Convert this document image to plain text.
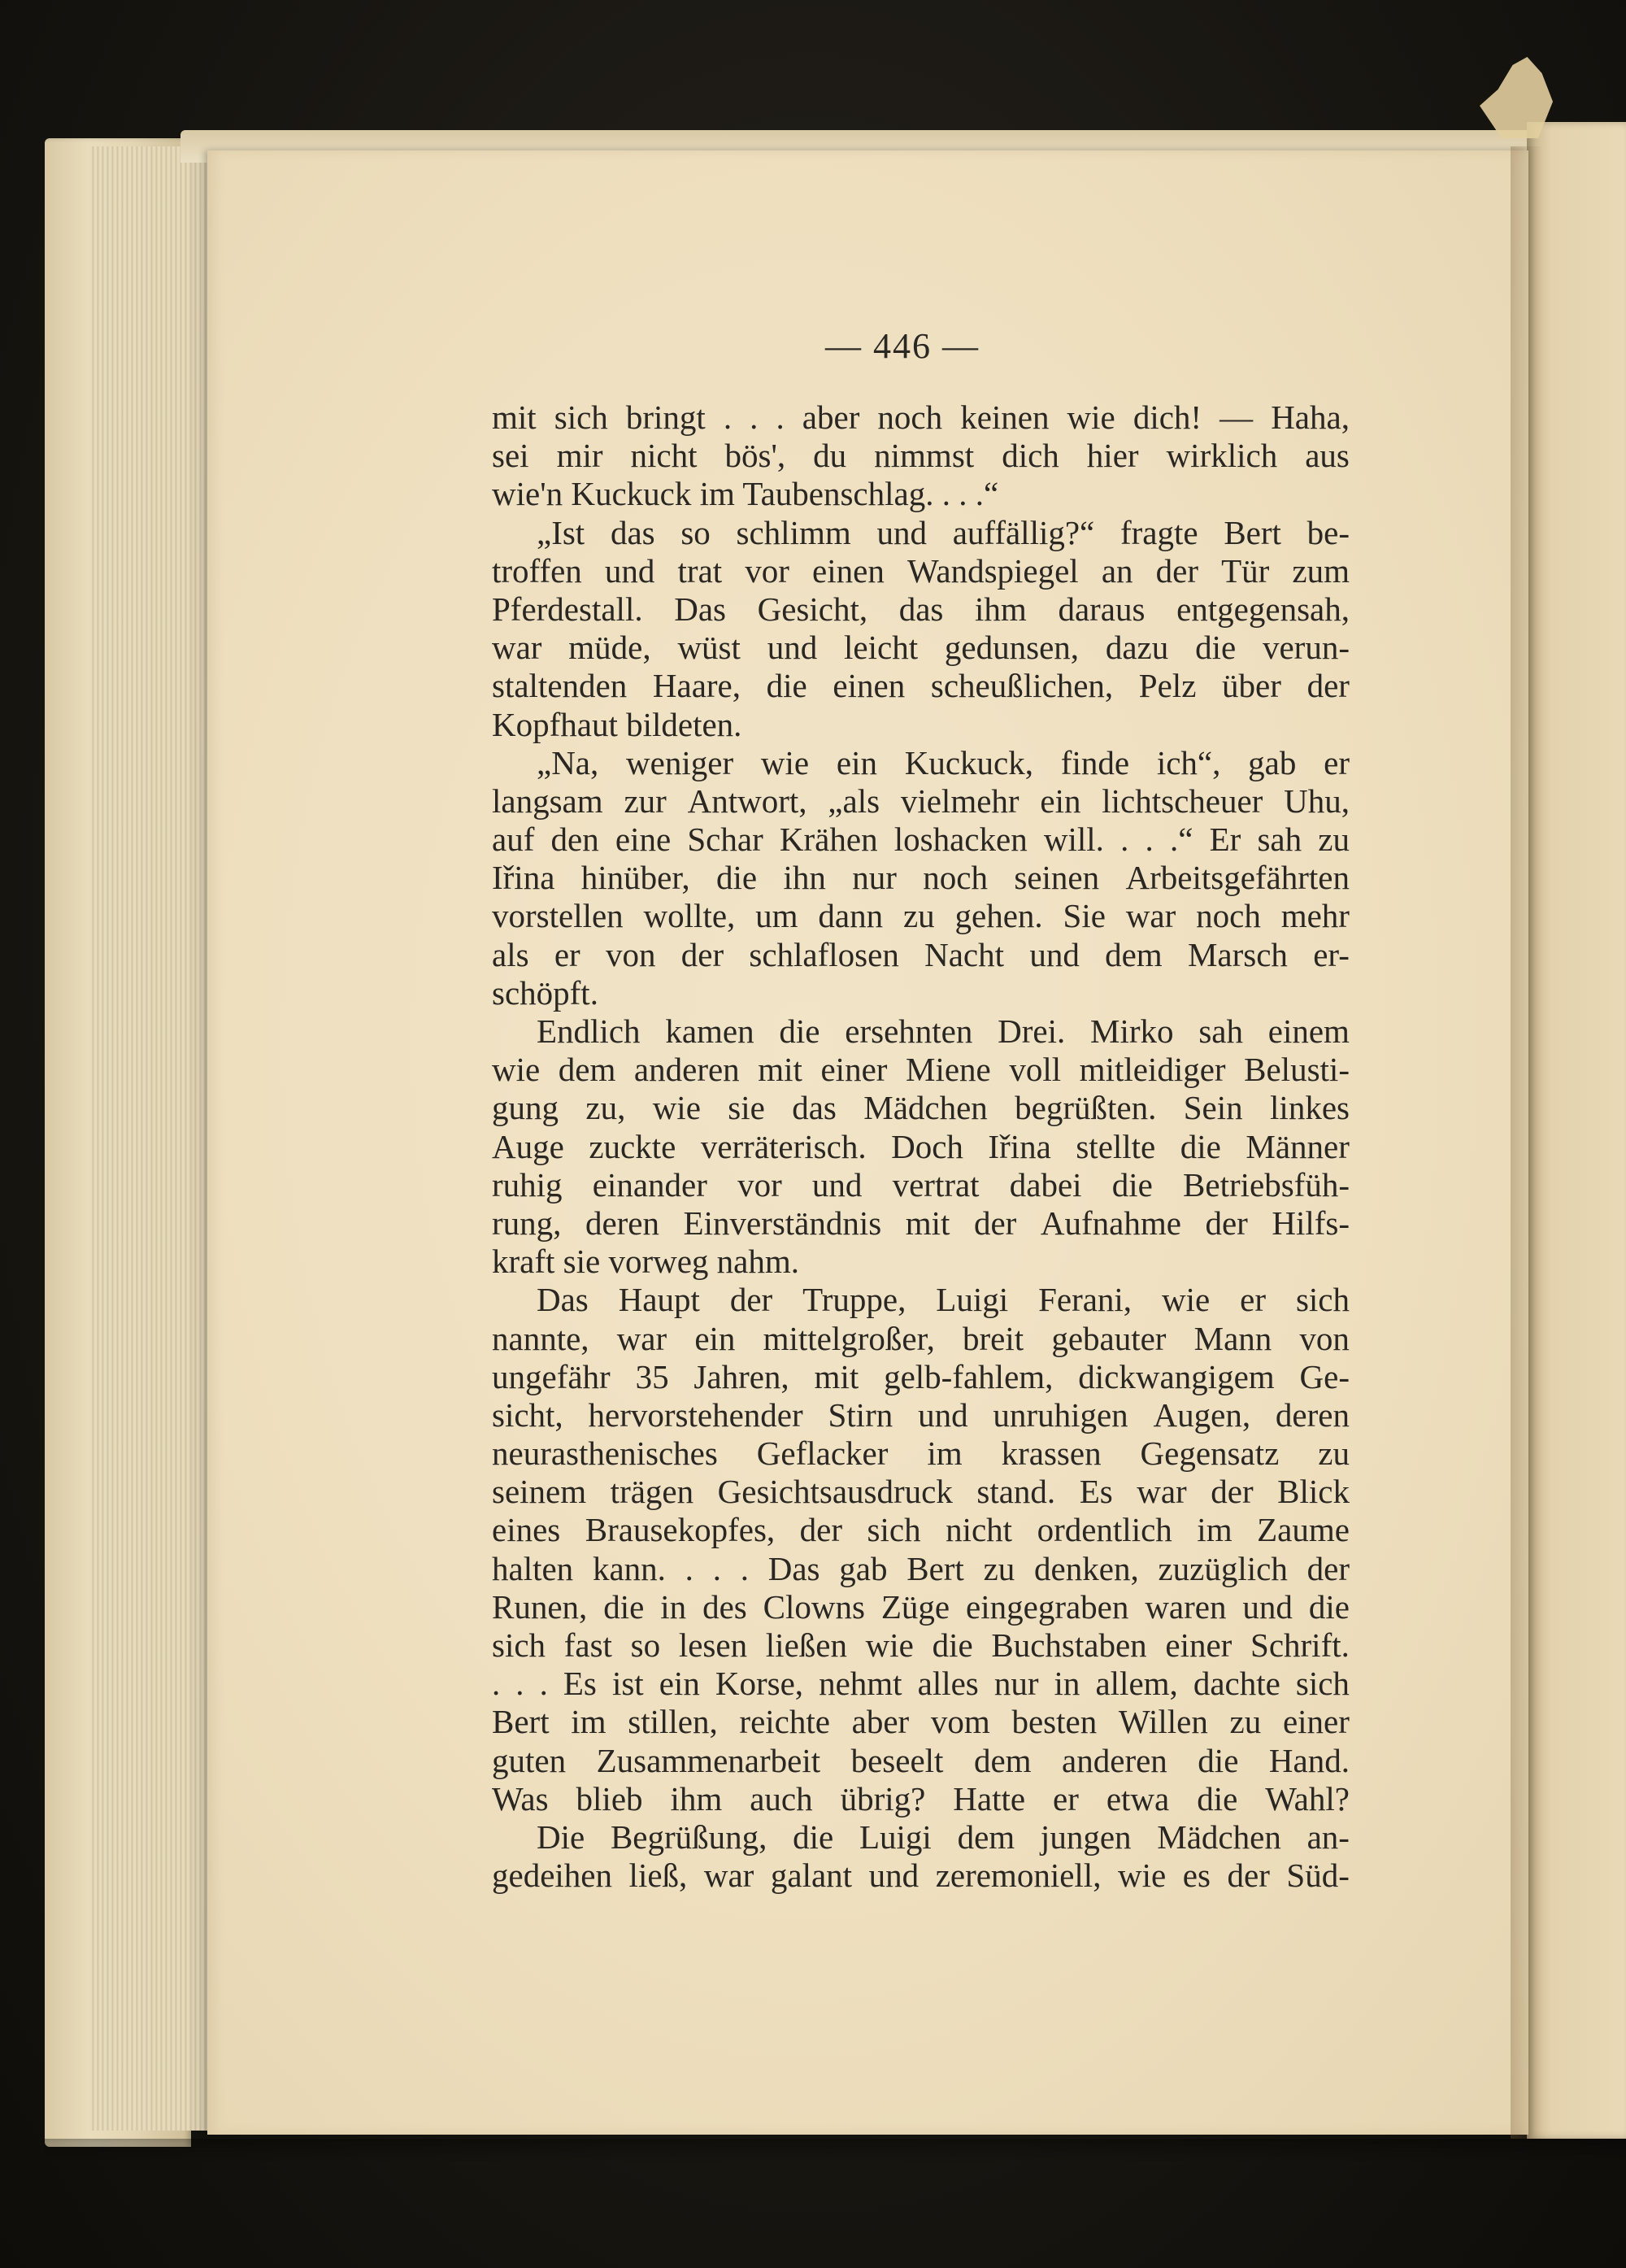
— 446 —
mit sich bringt . . . aber noch keinen wie dich! — Haha,
sei mir nicht bös', du nimmst dich hier wirklich aus
wie'n Kuckuck im Taubenschlag. . . .“
„Ist das so schlimm und auffällig?“ fragte Bert be-
troffen und trat vor einen Wandspiegel an der Tür zum
Pferdestall. Das Gesicht, das ihm daraus entgegensah,
war müde, wüst und leicht gedunsen, dazu die verun-
staltenden Haare, die einen scheußlichen, Pelz über der
Kopfhaut bildeten.
„Na, weniger wie ein Kuckuck, finde ich“, gab er
langsam zur Antwort, „als vielmehr ein lichtscheuer Uhu,
auf den eine Schar Krähen loshacken will. . . .“ Er sah zu
Iřina hinüber, die ihn nur noch seinen Arbeitsgefährten
vorstellen wollte, um dann zu gehen. Sie war noch mehr
als er von der schlaflosen Nacht und dem Marsch er-
schöpft.
Endlich kamen die ersehnten Drei. Mirko sah einem
wie dem anderen mit einer Miene voll mitleidiger Belusti-
gung zu, wie sie das Mädchen begrüßten. Sein linkes
Auge zuckte verräterisch. Doch Iřina stellte die Männer
ruhig einander vor und vertrat dabei die Betriebsfüh-
rung, deren Einverständnis mit der Aufnahme der Hilfs-
kraft sie vorweg nahm.
Das Haupt der Truppe, Luigi Ferani, wie er sich
nannte, war ein mittelgroßer, breit gebauter Mann von
ungefähr 35 Jahren, mit gelb-fahlem, dickwangigem Ge-
sicht, hervorstehender Stirn und unruhigen Augen, deren
neurasthenisches Geflacker im krassen Gegensatz zu
seinem trägen Gesichtsausdruck stand. Es war der Blick
eines Brausekopfes, der sich nicht ordentlich im Zaume
halten kann. . . . Das gab Bert zu denken, zuzüglich der
Runen, die in des Clowns Züge eingegraben waren und die
sich fast so lesen ließen wie die Buchstaben einer Schrift.
. . . Es ist ein Korse, nehmt alles nur in allem, dachte sich
Bert im stillen, reichte aber vom besten Willen zu einer
guten Zusammenarbeit beseelt dem anderen die Hand.
Was blieb ihm auch übrig? Hatte er etwa die Wahl?
Die Begrüßung, die Luigi dem jungen Mädchen an-
gedeihen ließ, war galant und zeremoniell, wie es der Süd-
